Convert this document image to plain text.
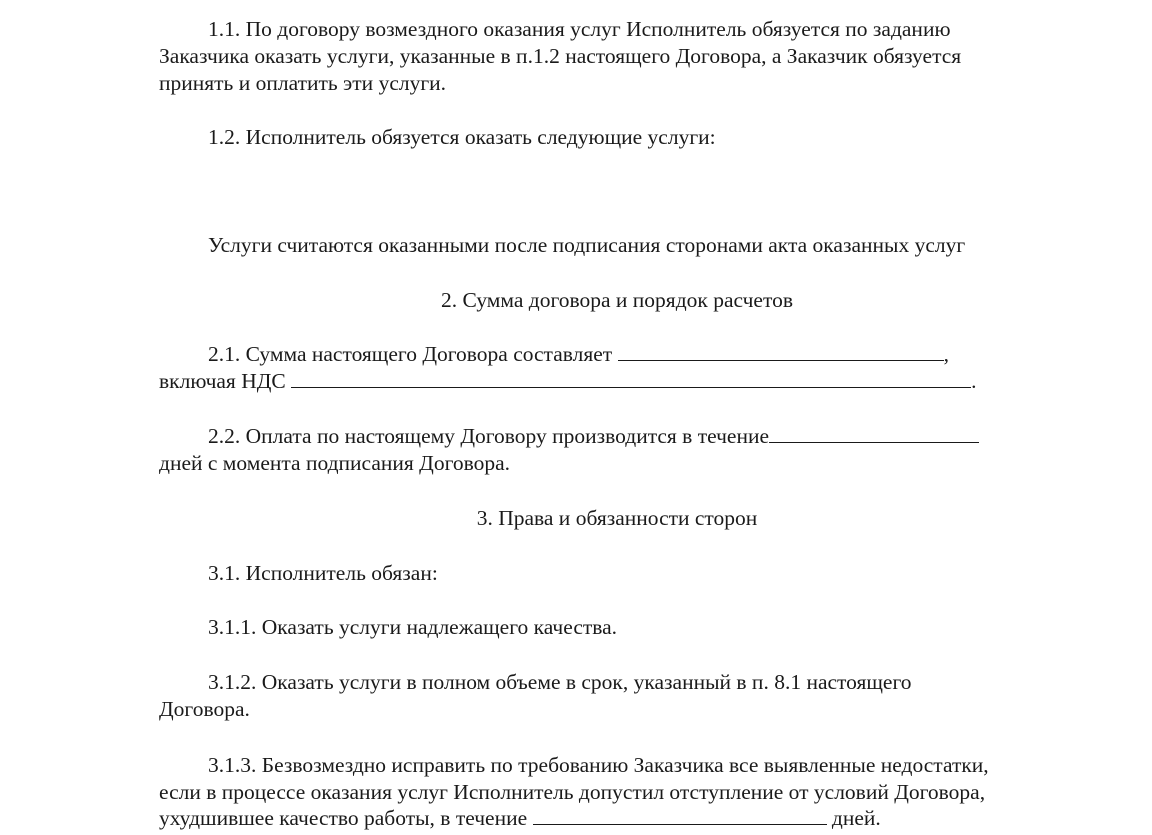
1.1. По договору возмездного оказания услуг Исполнитель обязуется по заданию
Заказчика оказать услуги, указанные в п.1.2 настоящего Договора, а Заказчик обязуется
принять и оплатить эти услуги.
1.2. Исполнитель обязуется оказать следующие услуги:
Услуги считаются оказанными после подписания сторонами акта оказанных услуг
2. Сумма договора и порядок расчетов
2.1. Сумма настоящего Договора составляет	,
включая НДС	.
2.2. Оплата по настоящему Договору производится в течение
дней с момента подписания Договора.
3. Права и обязанности сторон
3.1. Исполнитель обязан:
3.1.1. Оказать услуги надлежащего качества.
3.1.2. Оказать услуги в полном объеме в срок, указанный в п. 8.1 настоящего
Договора.
3.1.3. Безвозмездно исправить по требованию Заказчика все выявленные недостатки,
если в процессе оказания услуг Исполнитель допустил отступление от условий Договора,
ухудшившее качество работы, в течение	дней.
